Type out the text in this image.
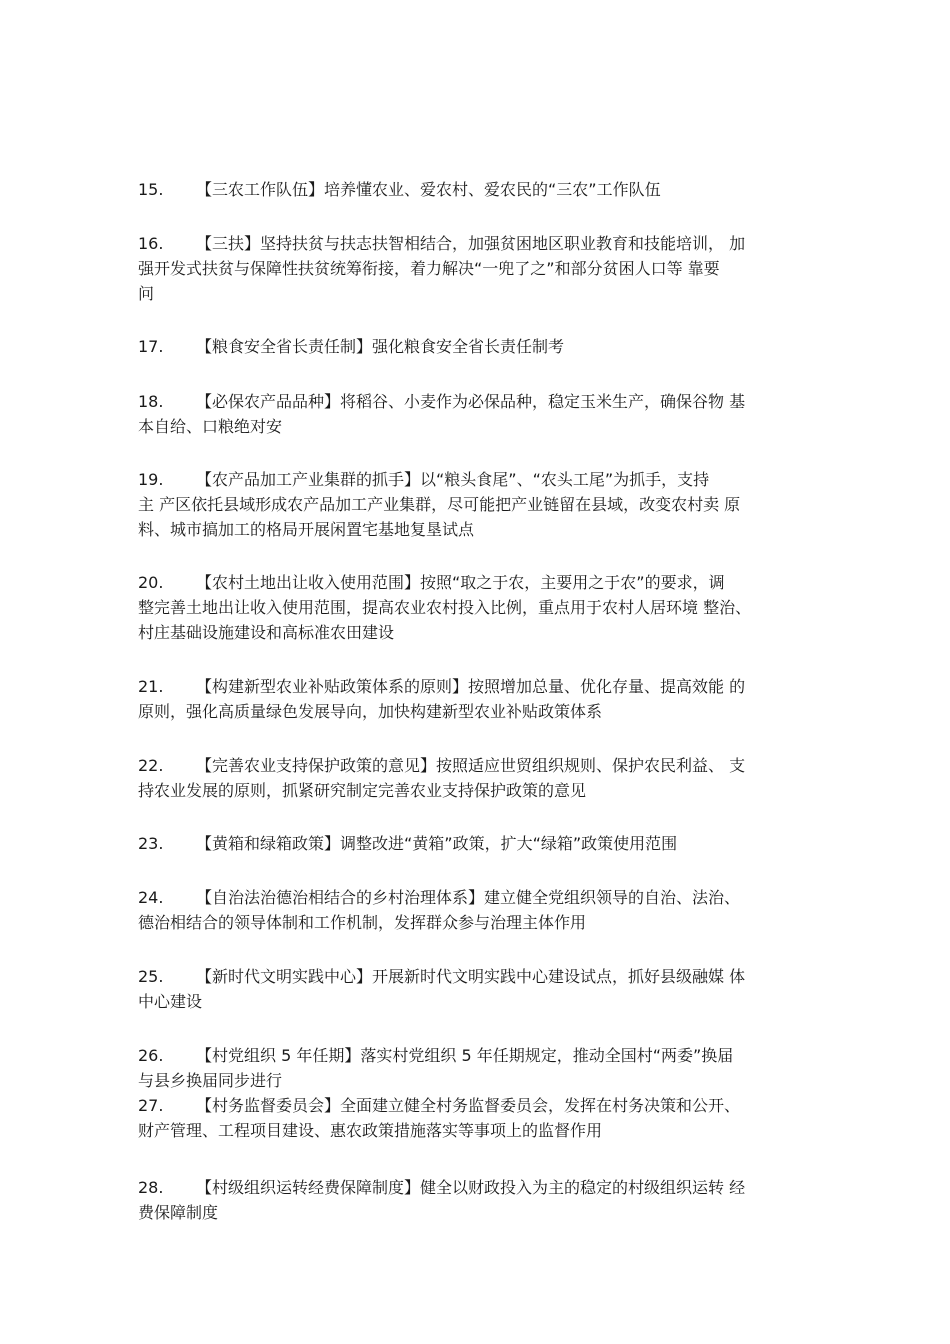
15. 【三农工作队伍】培养懂农业、爱农村、爱农民的“三农”工作队伍

16. 【三扶】坚持扶贫与扶志扶智相结合，加强贫困地区职业教育和技能培训， 加
强开发式扶贫与保障性扶贫统筹衔接，着力解决“一兜了之”和部分贫困人口等 靠要
问

17. 【粮食安全省长责任制】强化粮食安全省长责任制考

18. 【必保农产品品种】将稻谷、小麦作为必保品种，稳定玉米生产，确保谷物 基
本自给、口粮绝对安

19. 【农产品加工产业集群的抓手】以“粮头食尾”、“农头工尾”为抓手，支持
主 产区依托县域形成农产品加工产业集群，尽可能把产业链留在县域，改变农村卖 原
料、城市搞加工的格局开展闲置宅基地复垦试点

20. 【农村土地出让收入使用范围】按照“取之于农，主要用之于农”的要求，调
整完善土地出让收入使用范围，提高农业农村投入比例，重点用于农村人居环境 整治、
村庄基础设施建设和高标准农田建设

21. 【构建新型农业补贴政策体系的原则】按照增加总量、优化存量、提高效能 的
原则，强化高质量绿色发展导向，加快构建新型农业补贴政策体系

22. 【完善农业支持保护政策的意见】按照适应世贸组织规则、保护农民利益、 支
持农业发展的原则，抓紧研究制定完善农业支持保护政策的意见

23. 【黄箱和绿箱政策】调整改进“黄箱”政策，扩大“绿箱”政策使用范围

24. 【自治法治德治相结合的乡村治理体系】建立健全党组织领导的自治、法治、
德治相结合的领导体制和工作机制，发挥群众参与治理主体作用

25. 【新时代文明实践中心】开展新时代文明实践中心建设试点，抓好县级融媒 体
中心建设

26. 【村党组织 5 年任期】落实村党组织 5 年任期规定，推动全国村“两委”换届
与县乡换届同步进行

27. 【村务监督委员会】全面建立健全村务监督委员会，发挥在村务决策和公开、
财产管理、工程项目建设、惠农政策措施落实等事项上的监督作用

28. 【村级组织运转经费保障制度】健全以财政投入为主的稳定的村级组织运转 经
费保障制度
